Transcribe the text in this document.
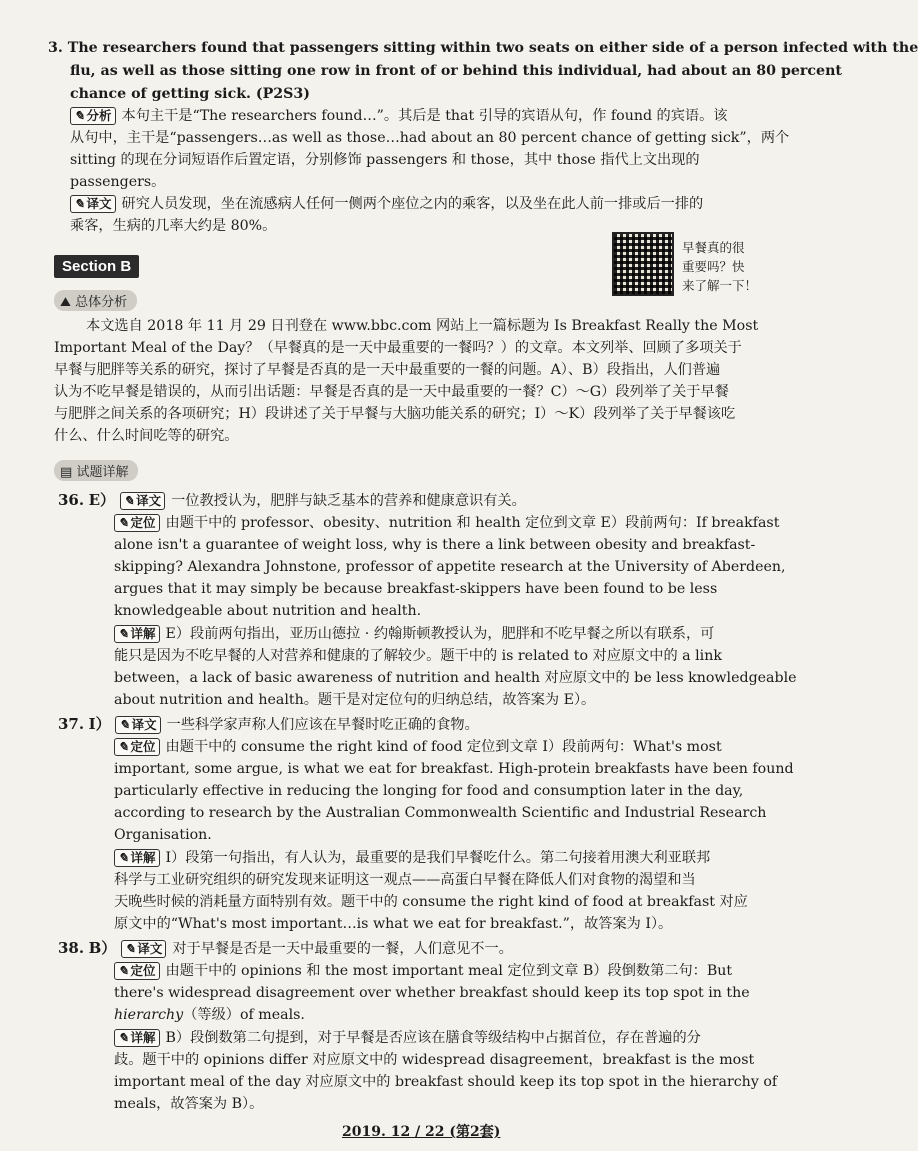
3. The researchers found that passengers sitting within two seats on either side of a person infected with the
flu, as well as those sitting one row in front of or behind this individual, had about an 80 percent
chance of getting sick. (P2S3)
✎ 分析 本句主干是“The researchers found…”。其后是 that 引导的宾语从句，作 found 的宾语。该
从句中，主干是“passengers…as well as those…had about an 80 percent chance of getting sick”，两个
sitting 的现在分词短语作后置定语，分别修饰 passengers 和 those，其中 those 指代上文出现的
passengers。
✎ 译文 研究人员发现，坐在流感病人任何一侧两个座位之内的乘客，以及坐在此人前一排或后一排的
乘客，生病的几率大约是 80%。
Section B
早餐真的很
重要吗？快
来了解一下！
⛰ 总体分析
本文选自 2018 年 11 月 29 日刊登在 www.bbc.com 网站上一篇标题为 Is Breakfast Really the Most
Important Meal of the Day？（早餐真的是一天中最重要的一餐吗？）的文章。本文列举、回顾了多项关于
早餐与肥胖等关系的研究，探讨了早餐是否真的是一天中最重要的一餐的问题。A）、B）段指出，人们普遍
认为不吃早餐是错误的，从而引出话题：早餐是否真的是一天中最重要的一餐？C）～G）段列举了关于早餐
与肥胖之间关系的各项研究；H）段讲述了关于早餐与大脑功能关系的研究；I）～K）段列举了关于早餐该吃
什么、什么时间吃等的研究。
▤ 试题详解
36. E） ✎ 译文 一位教授认为，肥胖与缺乏基本的营养和健康意识有关。
✎ 定位 由题干中的 professor、obesity、nutrition 和 health 定位到文章 E）段前两句：If breakfast
alone isn't a guarantee of weight loss, why is there a link between obesity and breakfast-
skipping? Alexandra Johnstone, professor of appetite research at the University of Aberdeen,
argues that it may simply be because breakfast-skippers have been found to be less
knowledgeable about nutrition and health.
✎ 详解 E）段前两句指出，亚历山德拉 · 约翰斯顿教授认为，肥胖和不吃早餐之所以有联系，可
能只是因为不吃早餐的人对营养和健康的了解较少。题干中的 is related to 对应原文中的 a link
between，a lack of basic awareness of nutrition and health 对应原文中的 be less knowledgeable
about nutrition and health。题干是对定位句的归纳总结，故答案为 E）。
37. I） ✎ 译文 一些科学家声称人们应该在早餐时吃正确的食物。
✎ 定位 由题干中的 consume the right kind of food 定位到文章 I）段前两句：What's most
important, some argue, is what we eat for breakfast. High-protein breakfasts have been found
particularly effective in reducing the longing for food and consumption later in the day,
according to research by the Australian Commonwealth Scientific and Industrial Research
Organisation.
✎ 详解 I）段第一句指出，有人认为，最重要的是我们早餐吃什么。第二句接着用澳大利亚联邦
科学与工业研究组织的研究发现来证明这一观点——高蛋白早餐在降低人们对食物的渴望和当
天晚些时候的消耗量方面特别有效。题干中的 consume the right kind of food at breakfast 对应
原文中的“What's most important…is what we eat for breakfast.”，故答案为 I）。
38. B） ✎ 译文 对于早餐是否是一天中最重要的一餐，人们意见不一。
✎ 定位 由题干中的 opinions 和 the most important meal 定位到文章 B）段倒数第二句：But
there's widespread disagreement over whether breakfast should keep its top spot in the
hierarchy（等级）of meals.
✎ 详解 B）段倒数第二句提到，对于早餐是否应该在膳食等级结构中占据首位，存在普遍的分
歧。题干中的 opinions differ 对应原文中的 widespread disagreement，breakfast is the most
important meal of the day 对应原文中的 breakfast should keep its top spot in the hierarchy of
meals，故答案为 B）。
2019. 12 / 22 (第2套)
